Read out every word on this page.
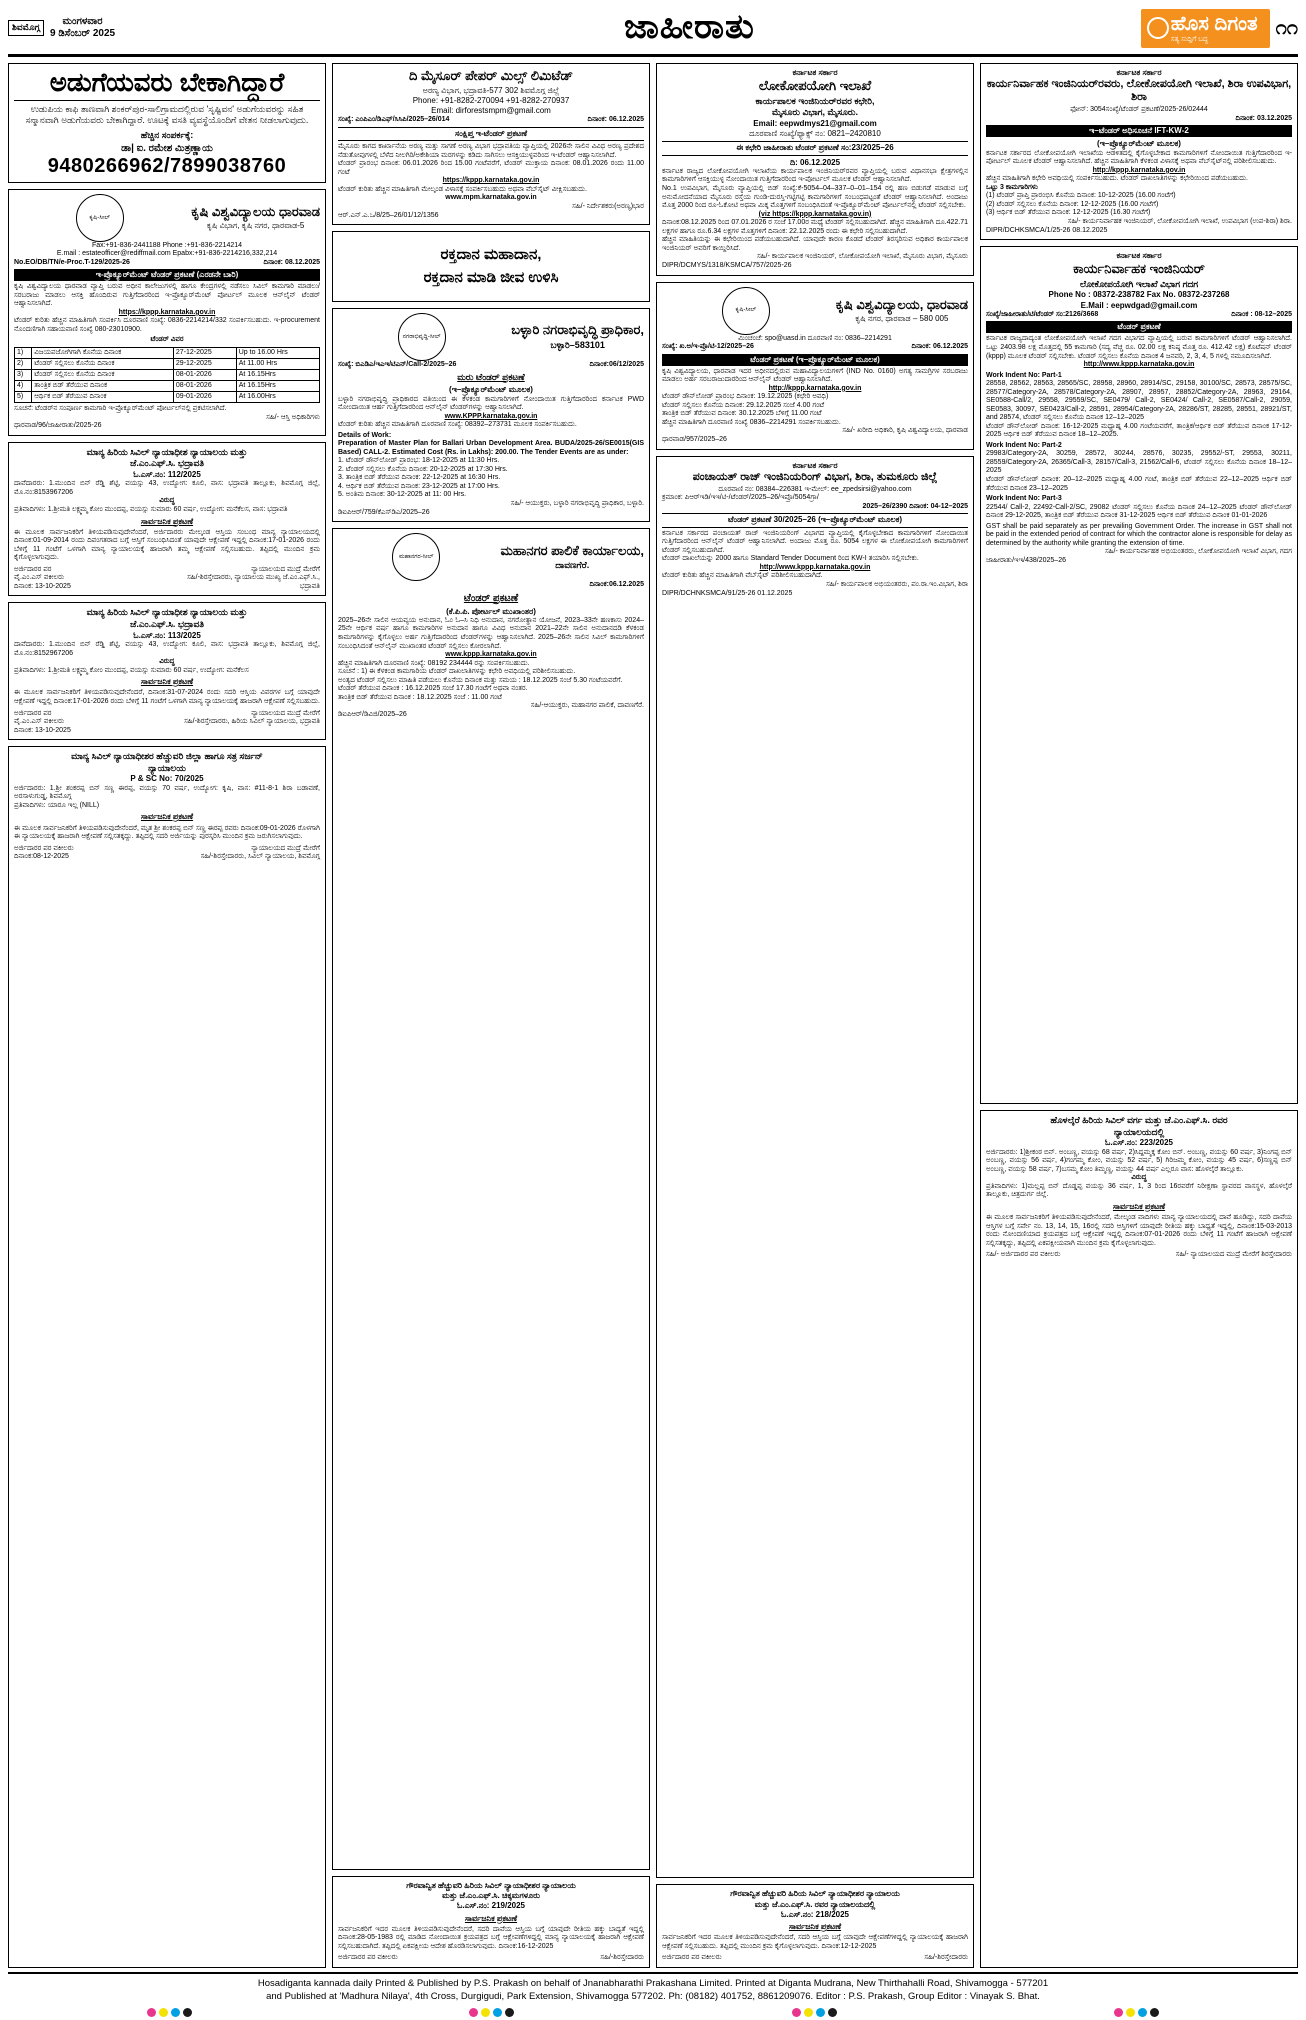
ಶಿವಮೊಗ್ಗ
ಮಂಗಳವಾರ
9 ಡಿಸೆಂಬರ್ 2025	ಜಾಹೀರಾತು	ಹೊಸ ದಿಗಂತ
ಸತ್ಯ ಸುದ್ದಿಗೆ ಬದ್ಧ
೧೧
ಅಡುಗೆಯವರು ಬೇಕಾಗಿದ್ದಾರೆ
ಉಡುಪಿಯ ಕಾಫಿ ತಾಣವಾಗಿ ಶಂಕರ್‌ಪುರ-ಸಾಲಿಗ್ರಾಮದಲ್ಲಿರುವ 'ಸೃಷ್ಟಿವನ' ಅಡುಗೆಯವರನ್ನು ಸಹಿತ ಸನ್ಮಾನವಾಗಿ ಅಡುಗೆಯವರು ಬೇಕಾಗಿದ್ದಾರೆ. ಊಟಕ್ಕೆ ವಸತಿ ವ್ಯವಸ್ಥೆಯೊಂದಿಗೆ ವೇತನ ನೀಡಲಾಗುವುದು.
ಹೆಚ್ಚಿನ ಸಂಪರ್ಕಕ್ಕೆ:
ಡಾ| ಐ. ರಮೇಶ ಮಿತ್ರಣ್ಣಾಯ
9480266962/7899038760
ಕೃಷಿ-ಸೀಲ್	ಕೃಷಿ ವಿಶ್ವವಿದ್ಯಾಲಯ ಧಾರವಾಡ
ಕೃಷಿ ವಿಭಾಗ, ಕೃಷಿ ನಗರ, ಧಾರವಾಡ-5
Fax:+91-836-2441188 Phone :+91-836-2214214
E.mail : estateofficer@rediffmail.com Epabx:+91-836-2214216,332,214
No.EO/DB/TN/e-Proc.T-129/2025-26	ದಿನಾಂಕ: 08.12.2025
ಇ-ಪ್ರೊಕ್ಯೂರ್‌ಮೆಂಟ್ ಟೆಂಡರ್ ಪ್ರಕಟಣೆ (ಎರಡನೇ ಬಾರಿ)
ಕೃಷಿ ವಿಶ್ವವಿದ್ಯಾಲಯ ಧಾರವಾಡ ವ್ಯಾಪ್ತಿ ಬರುವ ಅಧೀನ ಕಾಲೇಜುಗಳಲ್ಲಿ ಹಾಗೂ ಕೇಂದ್ರಗಳಲ್ಲಿ ನಡೆಸಲು ಸಿವಿಲ್ ಕಾಮಗಾರಿ ಮಾಡಲು/ ಸರಬರಾಜು ಮಾಡಲು ಆಸಕ್ತಿ ಹೊಂದಿರುವ ಗುತ್ತಿಗೆದಾರರಿಂದ ಇ-ಪ್ರೊಕ್ಯೂರ್‌ಮೆಂಟ್ ಪೋರ್ಟಲ್ ಮೂಲಕ ಆನ್‌ಲೈನ್ ಟೆಂಡರ್ ಆಹ್ವಾನಿಸಲಾಗಿದೆ.
https://kppp.karnataka.gov.in
ಟೆಂಡರ್ ಕುರಿತು ಹೆಚ್ಚಿನ ಮಾಹಿತಿಗಾಗಿ ಸಂಪರ್ಕಿಸಿ ದೂರವಾಣಿ ಸಂಖ್ಯೆ: 0836-2214214/332 ಸಂಪರ್ಕಿಸಬಹುದು. ಇ-procurement ನೊಂದಣಿಗಾಗಿ ಸಹಾಯವಾಣಿ ಸಂಖ್ಯೆ 080-23010900.
ಟೆಂಡರ್ ವಿವರ
1)	ವಿಜಯಪಜೋಗಿಗಾಗಿ ಕೊನೆಯ ದಿನಾಂಕ	27-12-2025	Up to 16.00 Hrs
2)	ಟೆಂಡರ್ ಸಲ್ಲಿಸಲು ಕೊನೆಯ ದಿನಾಂಕ	29-12-2025	At 11.00 Hrs
3)	ಟೆಂಡರ್ ಸಲ್ಲಿಸಲು ಕೊನೆಯ ದಿನಾಂಕ	08-01-2026	At 16.15Hrs
4)	ತಾಂತ್ರಿಕ ಬಿಡ್ ತೆರೆಯುವ ದಿನಾಂಕ	08-01-2026	At 16.15Hrs
5)	ಆರ್ಥಿಕ ಬಿಡ್ ತೆರೆಯುವ ದಿನಾಂಕ	09-01-2026	At 16.00Hrs
ಸೂಚನೆ: ಟೆಂಡರ್‌ನ ಸಂಪೂರ್ಣ ಕಾಮಗಾರಿ ಇ-ಪ್ರೊಕ್ಯೂರ್‌ಮೆಂಟ್ ಪೋರ್ಟಲ್‌ನಲ್ಲಿ ಪ್ರಕಟಿಸಲಾಗಿದೆ.
ಸಹಿ/- ಆಸ್ತಿ ಅಧಿಕಾರಿಗಳು
ಧಾರವಾಡ/96/ಜಾಹೀರಾತು/2025-26
ಮಾನ್ಯ ಹಿರಿಯ ಸಿವಿಲ್ ನ್ಯಾಯಾಧೀಶ ನ್ಯಾಯಾಲಯ ಮತ್ತು
ಜೆ.ಎಂ.ಎಫ್.ಸಿ. ಭದ್ರಾವತಿ
ಓ.ಎಸ್.ನಂ: 112/2025
ದಾವೆದಾರರು: 1.ಮುಂದಿನ ಬಿನ್ ರೆಡ್ಡಿ ಶೆಟ್ಟಿ, ವಯಸ್ಸು 43, ಉದ್ಯೋಗ: ಕೂಲಿ, ವಾಸ: ಭದ್ರಾವತಿ ತಾಲ್ಲೂಕು, ಶಿವಮೊಗ್ಗ ಜಿಲ್ಲೆ, ಮೊ.ನಂ:8153967206
ವಿರುದ್ಧ
ಪ್ರತಿವಾದಿಗಳು: 1.ಶ್ರೀಮತಿ ಲಕ್ಷ್ಮಮ್ಮ ಕೋಂ ಮುಂದಪ್ಪ, ವಯಸ್ಸು ಸುಮಾರು 60 ವರ್ಷ, ಉದ್ಯೋಗ: ಮನೆಕೆಲಸ, ವಾಸ: ಭದ್ರಾವತಿ
ಸಾರ್ವಜನಿಕ ಪ್ರಕಟಣೆ
ಈ ಮೂಲಕ ಸಾರ್ವಜನಿಕರಿಗೆ ತಿಳಿಯಪಡಿಸುವುದೇನೆಂದರೆ, ಅರ್ಜಿದಾರರು ಮೇಲ್ಕಂಡ ಆಸ್ತಿಯ ಸಂಬಂಧ ಮಾನ್ಯ ನ್ಯಾಯಾಲಯದಲ್ಲಿ ದಿನಾಂಕ:01-09-2014 ರಂದು ದಿವಂಗತರಾದ ಬಗ್ಗೆ ಆಸ್ತಿಗೆ ಸಂಬಂಧಿಸಿದಂತೆ ಯಾವುದೇ ಆಕ್ಷೇಪಣೆ ಇದ್ದಲ್ಲಿ ದಿನಾಂಕ:17-01-2026 ರಂದು ಬೆಳಿಗ್ಗೆ 11 ಗಂಟೆಗೆ ಒಳಗಾಗಿ ಮಾನ್ಯ ನ್ಯಾಯಾಲಯಕ್ಕೆ ಹಾಜರಾಗಿ ತಮ್ಮ ಆಕ್ಷೇಪಣೆ ಸಲ್ಲಿಸಬಹುದು. ತಪ್ಪಿದಲ್ಲಿ ಮುಂದಿನ ಕ್ರಮ ಕೈಗೊಳ್ಳಲಾಗುವುದು.
ಅರ್ಜಿದಾರರ ಪರ
ವೈ.ಎಂ.ಎಸ್ ವಕೀಲರು
ದಿನಾಂಕ: 13-10-2025
ನ್ಯಾಯಾಲಯದ ಮುದ್ರೆ ಮೇರೆಗೆ
ಸಹಿ/-ಶಿರಸ್ತೇದಾರರು, ನ್ಯಾಯಾಲಯ ಮುಖ್ಯ ಜೆ.ಎಂ.ಎಫ್.ಸಿ., ಭದ್ರಾವತಿ
ಮಾನ್ಯ ಹಿರಿಯ ಸಿವಿಲ್ ನ್ಯಾಯಾಧೀಶ ನ್ಯಾಯಾಲಯ ಮತ್ತು
ಜೆ.ಎಂ.ಎಫ್.ಸಿ. ಭದ್ರಾವತಿ
ಓ.ಎಸ್.ನಂ: 113/2025
ದಾವೆದಾರರು: 1.ಮುಂದಿನ ಬಿನ್ ರೆಡ್ಡಿ ಶೆಟ್ಟಿ, ವಯಸ್ಸು 43, ಉದ್ಯೋಗ: ಕೂಲಿ, ವಾಸ: ಭದ್ರಾವತಿ ತಾಲ್ಲೂಕು, ಶಿವಮೊಗ್ಗ ಜಿಲ್ಲೆ, ಮೊ.ನಂ:8152967206
ವಿರುದ್ಧ
ಪ್ರತಿವಾದಿಗಳು: 1.ಶ್ರೀಮತಿ ಲಕ್ಷ್ಮಮ್ಮ ಕೋಂ ಮುಂದಪ್ಪ, ವಯಸ್ಸು ಸುಮಾರು 60 ವರ್ಷ, ಉದ್ಯೋಗ: ಮನೆಕೆಲಸ
ಸಾರ್ವಜನಿಕ ಪ್ರಕಟಣೆ
ಈ ಮೂಲಕ ಸಾರ್ವಜನಿಕರಿಗೆ ತಿಳಿಯಪಡಿಸುವುದೇನೆಂದರೆ, ದಿನಾಂಕ:31-07-2024 ರಂದು ಸದರಿ ಆಸ್ತಿಯ ವಿವರಗಳ ಬಗ್ಗೆ ಯಾವುದೇ ಆಕ್ಷೇಪಣೆ ಇದ್ದಲ್ಲಿ ದಿನಾಂಕ:17-01-2026 ರಂದು ಬೆಳಿಗ್ಗೆ 11 ಗಂಟೆಗೆ ಒಳಗಾಗಿ ಮಾನ್ಯ ನ್ಯಾಯಾಲಯಕ್ಕೆ ಹಾಜರಾಗಿ ಆಕ್ಷೇಪಣೆ ಸಲ್ಲಿಸಬಹುದು.
ಅರ್ಜಿದಾರರ ಪರ
ವೈ.ಎಂ.ಎಸ್ ವಕೀಲರು
ದಿನಾಂಕ: 13-10-2025
ನ್ಯಾಯಾಲಯದ ಮುದ್ರೆ ಮೇರೆಗೆ
ಸಹಿ/-ಶಿರಸ್ತೇದಾರರು, ಹಿರಿಯ ಸಿವಿಲ್ ನ್ಯಾಯಾಲಯ, ಭದ್ರಾವತಿ
ಮಾನ್ಯ ಸಿವಿಲ್ ನ್ಯಾಯಾಧೀಶರ ಹೆಚ್ಚುವರಿ ಜಿಲ್ಲಾ ಹಾಗೂ ಸತ್ರ ಸರ್ಜನ್
ನ್ಯಾಯಾಲಯ
P & SC No: 70/2025
ಅರ್ಜಿದಾರರು: 1.ಶ್ರೀ ಶಂಕರಪ್ಪ ಬಿನ್ ಸಣ್ಣ ಈರಪ್ಪ, ವಯಸ್ಸು 70 ವರ್ಷ, ಉದ್ಯೋಗ: ಕೃಷಿ, ವಾಸ: #11-8-1 ಶಿರಾ ಬಡಾವಣೆ, ಅರಸಾಳುಗುಡ್ಡ, ಶಿವಮೊಗ್ಗ
ಪ್ರತಿವಾದಿಗಳು: ಯಾರೂ ಇಲ್ಲ (NILL)
ಸಾರ್ವಜನಿಕ ಪ್ರಕಟಣೆ
ಈ ಮೂಲಕ ಸಾರ್ವಜನಿಕರಿಗೆ ತಿಳಿಯಪಡಿಸುವುದೇನೆಂದರೆ, ಮೃತ ಶ್ರೀ ಶಂಕರಪ್ಪ ಬಿನ್ ಸಣ್ಣ ಈರಪ್ಪ ರವರು ದಿನಾಂಕ:09-01-2026 ರೊಳಗಾಗಿ ಈ ನ್ಯಾಯಾಲಯಕ್ಕೆ ಹಾಜರಾಗಿ ಆಕ್ಷೇಪಣೆ ಸಲ್ಲಿಸತಕ್ಕದ್ದು. ತಪ್ಪಿದಲ್ಲಿ ಸದರಿ ಅರ್ಜಿಯನ್ನು ಪುರಸ್ಕರಿಸಿ ಮುಂದಿನ ಕ್ರಮ ಜರುಗಿಸಲಾಗುವುದು.
ಅರ್ಜಿದಾರರ ಪರ ವಕೀಲರು
ದಿನಾಂಕ:08-12-2025
ನ್ಯಾಯಾಲಯದ ಮುದ್ರೆ ಮೇರೆಗೆ
ಸಹಿ/-ಶಿರಸ್ತೇದಾರರು, ಸಿವಿಲ್ ನ್ಯಾಯಾಲಯ, ಶಿವಮೊಗ್ಗ
ದಿ ಮೈಸೂರ್ ಪೇಪರ್ ಮಿಲ್ಸ್ ಲಿಮಿಟೆಡ್
ಅರಣ್ಯ ವಿಭಾಗ, ಭದ್ರಾವತಿ-577 302 ಶಿವಮೊಗ್ಗ ಜಿಲ್ಲೆ
Phone: +91-8282-270094 +91-8282-270937
Email: dirforestsmpm@gmail.com
ಸಂಖ್ಯೆ: ಎಂಪಿಎಂ/ಡಿಎಫ್/ಸಿಸಿಪಿ/2025–26/014	ದಿನಾಂಕ: 06.12.2025
ಸಂಕ್ಷಿಪ್ತ ಇ-ಟೆಂಡರ್ ಪ್ರಕಟಣೆ
ಮೈಸೂರು ಕಾಗದ ಕಾರ್ಖಾನೆಯ ಅರಣ್ಯ ಮತ್ತು ಸಾಗಣೆ ಅರಣ್ಯ ವಿಭಾಗ ಭದ್ರಾವತಿಯ ವ್ಯಾಪ್ತಿಯಲ್ಲಿ 2026ನೇ ಸಾಲಿನ ವಿವಿಧ ಅರಣ್ಯ ಪ್ರದೇಶದ ನೆಡುತೋಪುಗಳಲ್ಲಿ ಬೆಳೆದ ನೀಲಗಿರಿ/ಅಕೇಶಿಯಾ ಮರಗಳನ್ನು ಕಡಿದು ಸಾಗಿಸಲು ಆಸಕ್ತಿಯುಳ್ಳವರಿಂದ ಇ-ಟೆಂಡರ್ ಆಹ್ವಾನಿಸಲಾಗಿದೆ.
ಟೆಂಡರ್ ಪ್ರಾರಂಭ ದಿನಾಂಕ: 06.01.2026 ರಿಂದ 15.00 ಗಂಟೆವರೆಗೆ, ಟೆಂಡರ್ ಮುಕ್ತಾಯ ದಿನಾಂಕ: 08.01.2026 ರಂದು 11.00 ಗಂಟೆ
https://kppp.karnataka.gov.in
ಟೆಂಡರ್ ಕುರಿತು ಹೆಚ್ಚಿನ ಮಾಹಿತಿಗಾಗಿ ಮೇಲ್ಕಂಡ ವಿಳಾಸಕ್ಕೆ ಸಂಪರ್ಕಿಸಬಹುದು ಅಥವಾ ವೆಬ್‌ಸೈಟ್ ವೀಕ್ಷಿಸಬಹುದು.
www.mpm.karnataka.gov.in
ಸಹಿ/- ನಿರ್ದೇಶಕರು(ಅರಣ್ಯ)ಭಾರ
ಆರ್.ಎನ್.ಎ.ಒ/8/25–26/01/12/1356
ರಕ್ತದಾನ ಮಹಾದಾನ,
ರಕ್ತದಾನ ಮಾಡಿ ಜೀವ ಉಳಿಸಿ
ನಗರಾಭಿವೃದ್ಧಿ-ಸೀಲ್	ಬಳ್ಳಾರಿ ನಗರಾಭಿವೃದ್ಧಿ ಪ್ರಾಧಿಕಾರ,
ಬಳ್ಳಾರಿ–583101
ಸಂಖ್ಯೆ: ಬಿಎಡಿಎ/ಇಎಇ/ಟಿಎನ್/Call-2/2025–26	ದಿನಾಂಕ:06/12/2025
ಮರು ಟೆಂಡರ್ ಪ್ರಕಟಣೆ
(ಇ–ಪ್ರೊಕ್ಯೂರ್‌ಮೆಂಟ್ ಮೂಲಕ)
ಬಳ್ಳಾರಿ ನಗರಾಭಿವೃದ್ಧಿ ಪ್ರಾಧಿಕಾರದ ವತಿಯಿಂದ ಈ ಕೆಳಕಂಡ ಕಾಮಗಾರಿಗಳಿಗೆ ನೋಂದಾಯಿತ ಗುತ್ತಿಗೆದಾರರಿಂದ ಕರ್ನಾಟಕ PWD ನೋಂದಾಯಿತ ಆರ್ಹ ಗುತ್ತಿಗೆದಾರರಿಂದ ಆನ್‌ಲೈನ್ ಟೆಂಡರ್‌ಗಳನ್ನು ಆಹ್ವಾನಿಸಲಾಗಿದೆ.
www.KPPP.karnataka.gov.in
ಟೆಂಡರ್ ಕುರಿತು ಹೆಚ್ಚಿನ ಮಾಹಿತಿಗಾಗಿ ದೂರವಾಣಿ ಸಂಖ್ಯೆ: 08392–273731 ಮೂಲಕ ಸಂಪರ್ಕಿಸಬಹುದು.
Details of Work:
Preparation of Master Plan for Ballari Urban Development Area. BUDA/2025-26/SE0015(GIS Based) CALL-2. Estimated Cost (Rs. in Lakhs): 200.00. The Tender Events are as under:
1. ಟೆಂಡರ್ ಡೌನ್‌ಲೋಡ್ ಪ್ರಾರಂಭ: 18-12-2025 at 11:30 Hrs.
2. ಟೆಂಡರ್ ಸಲ್ಲಿಸಲು ಕೊನೆಯ ದಿನಾಂಕ: 20-12-2025 at 17:30 Hrs.
3. ತಾಂತ್ರಿಕ ಬಿಡ್ ತೆರೆಯುವ ದಿನಾಂಕ: 22-12-2025 at 16:30 Hrs.
4. ಆರ್ಥಿಕ ಬಿಡ್ ತೆರೆಯುವ ದಿನಾಂಕ: 23-12-2025 at 17:00 Hrs.
5. ಅಂತಿಮ ದಿನಾಂಕ: 30-12-2025 at 11: 00 Hrs.
ಸಹಿ/- ಆಯುಕ್ತರು, ಬಳ್ಳಾರಿ ನಗರಾಭಿವೃದ್ಧಿ ಪ್ರಾಧಿಕಾರ, ಬಳ್ಳಾರಿ.
ಡಿಐಪಿಆರ್/759/ಕೆಎಸ್‌ಡಿಎ/2025–26
ಮಹಾನಗರ-ಸೀಲ್	ಮಹಾನಗರ ಪಾಲಿಕೆ ಕಾರ್ಯಾಲಯ,
ದಾವಣಗೆರೆ.
ದಿನಾಂಕ:06.12.2025
ಟೆಂಡರ್ ಪ್ರಕಟಣೆ
(ಕೆ.ಪಿ.ಪಿ. ಪೋರ್ಟಲ್ ಮುಖಾಂತರ)
2025–26ನೇ ಸಾಲಿನ ಆಯವ್ಯಯ ಅನುದಾನ, ಓಂ ಓ–ಸಿ ನಿಧಿ ಅನುದಾನ, ನಗರೋತ್ಥಾನ ಯೋಜನೆ, 2023–33ನೇ ಹಣಕಾಸು 2024–25ನೇ ಆರ್ಥಿಕ ವರ್ಷ ಹಾಗೂ ಕಾಮಗಾರಿಗಳ ಅನುದಾನ ಹಾಗೂ ವಿವಿಧ ಅನುದಾನ 2021–22ನೇ ಸಾಲಿನ ಅನುದಾನದಡಿ ಕೆಳಕಂಡ ಕಾಮಗಾರಿಗಳನ್ನು ಕೈಗೊಳ್ಳಲು ಅರ್ಹ ಗುತ್ತಿಗೆದಾರರಿಂದ ಟೆಂಡರ್‌ಗಳನ್ನು ಆಹ್ವಾನಿಸಲಾಗಿದೆ. 2025–26ನೇ ಸಾಲಿನ ಸಿವಿಲ್ ಕಾಮಗಾರಿಗಳಿಗೆ ಸಂಬಂಧಿಸಿದಂತೆ ಆನ್‌ಲೈನ್ ಮುಖಾಂತರ ಟೆಂಡರ್ ಸಲ್ಲಿಸಲು ಕೋರಲಾಗಿದೆ.
www.kppp.karnataka.gov.in
ಹೆಚ್ಚಿನ ಮಾಹಿತಿಗಾಗಿ ದೂರವಾಣಿ ಸಂಖ್ಯೆ: 08192 234444 ರನ್ನು ಸಂಪರ್ಕಿಸಬಹುದು.
ಸೂಚನೆ : 1) ಈ ಕೆಳಕಂಡ ಕಾಮಗಾರಿಯ ಟೆಂಡರ್ ದಾಖಲಾತಿಗಳನ್ನು ಕಛೇರಿ ಅವಧಿಯಲ್ಲಿ ಪರಿಶೀಲಿಸಬಹುದು.
ಅಂತ್ಯದ ಟೆಂಡರ್ ಸಲ್ಲಿಸಲು ಮಾಹಿತಿ ಪಡೆಯಲು ಕೊನೆಯ ದಿನಾಂಕ ಮತ್ತು ಸಮಯ : 18.12.2025 ಸಂಜೆ 5.30 ಗಂಟೆಯವರೆಗೆ.
ಟೆಂಡರ್ ತೆರೆಯುವ ದಿನಾಂಕ : 16.12.2025 ಸಂಜೆ 17.30 ಗಂಟೆಗೆ ಅಥವಾ ನಂತರ.
ತಾಂತ್ರಿಕ ಬಿಡ್ ತೆರೆಯುವ ದಿನಾಂಕ : 18.12.2025 ಸಂಜೆ : 11.00 ಗಂಟೆ
ಸಹಿ/-ಆಯುಕ್ತರು, ಮಹಾನಗರ ಪಾಲಿಕೆ, ದಾವಣಗೆರೆ.
ಡಿಐಪಿಆರ್/ಡಿವಿಜಿ/2025–26
ಗೌರವಾನ್ವಿತ ಹೆಚ್ಚುವರಿ ಹಿರಿಯ ಸಿವಿಲ್ ನ್ಯಾಯಾಧೀಶರ ನ್ಯಾಯಾಲಯ
ಮತ್ತು ಜೆ.ಎಂ.ಎಫ್.ಸಿ. ಚಿಕ್ಕಮಗಳೂರು
ಓ.ಎಸ್.ನಂ: 219/2025
ಸಾರ್ವಜನಿಕ ಪ್ರಕಟಣೆ
ಸಾರ್ವಜನಿಕರಿಗೆ ಇದರ ಮೂಲಕ ತಿಳಿಯಪಡಿಸುವುದೇನೆಂದರೆ, ಸದರಿ ದಾವೆಯ ಆಸ್ತಿಯ ಬಗ್ಗೆ ಯಾವುದೇ ರೀತಿಯ ಹಕ್ಕು ಬಾಧ್ಯತೆ ಇದ್ದಲ್ಲಿ ದಿನಾಂಕ:28-05-1983 ರಲ್ಲಿ ಮಾಡಿದ ನೋಂದಾಯಿತ ಕ್ರಯಪತ್ರದ ಬಗ್ಗೆ ಆಕ್ಷೇಪಣೆಗಳಿದ್ದಲ್ಲಿ ಮಾನ್ಯ ನ್ಯಾಯಾಲಯಕ್ಕೆ ಹಾಜರಾಗಿ ಆಕ್ಷೇಪಣೆ ಸಲ್ಲಿಸಬಹುದಾಗಿದೆ. ತಪ್ಪಿದಲ್ಲಿ ಏಕಪಕ್ಷೀಯ ಆದೇಶ ಹೊರಡಿಸಲಾಗುವುದು. ದಿನಾಂಕ:16-12-2025
ಅರ್ಜಿದಾರರ ಪರ ವಕೀಲರು	ಸಹಿ/-ಶಿರಸ್ತೇದಾರರು
ಕರ್ನಾಟಕ ಸರ್ಕಾರ
ಲೋಕೋಪಯೋಗಿ ಇಲಾಖೆ
ಕಾರ್ಯಪಾಲಕ ಇಂಜಿನಿಯರ್‌ರವರ ಕಛೇರಿ,
ಮೈಸೂರು ವಿಭಾಗ, ಮೈಸೂರು.
Email: eepwdmys21@gmail.com
ದೂರವಾಣಿ ಸಂಖ್ಯೆ/ಫ್ಯಾಕ್ಸ್ ನಂ: 0821–2420810
ಈ ಕಛೇರಿ ಜಾಹೀರಾತು ಟೆಂಡರ್ ಪ್ರಕಟಣೆ ಸಂ:23/2025–26
ದಿ: 06.12.2025
ಕರ್ನಾಟಕ ರಾಜ್ಯದ ಲೋಕೋಪಯೋಗಿ ಇಲಾಖೆಯ ಕಾರ್ಯಪಾಲಕ ಇಂಜಿನಿಯರ್‌ರವರ ವ್ಯಾಪ್ತಿಯಲ್ಲಿ ಬರುವ ವಿಧಾನಸಭಾ ಕ್ಷೇತ್ರಗಳಲ್ಲಿನ ಕಾಮಗಾರಿಗಳಿಗೆ ಆಸಕ್ತಿಯುಳ್ಳ ನೋಂದಾಯಿತ ಗುತ್ತಿಗೆದಾರರಿಂದ ಇ-ಪೋರ್ಟಲ್ ಮೂಲಕ ಟೆಂಡರ್ ಆಹ್ವಾನಿಸಲಾಗಿದೆ.
No.1 ಉಪವಿಭಾಗ, ಮೈಸೂರು ವ್ಯಾಪ್ತಿಯಲ್ಲಿ ಬಿಡ್ ಸಂಖ್ಯೆ:ಕೆ-5054–04–337–0–01–154 ರಲ್ಲಿ ಹಣ ಬಿಡುಗಡೆ ಮಾಡುವ ಬಗ್ಗೆ ಅನುಮೋದನೆಯಾದ ಮೈಸೂರು ರಸ್ತೆಯ ಗುಂಡಿ-ದುರಸ್ತಿ-ಗಟ್ಟಿಗಟ್ಟಿ ಕಾಮಗಾರಿಗಳಿಗೆ ಸಂಬಂಧಪಟ್ಟಂತೆ ಟೆಂಡರ್ ಆಹ್ವಾನಿಸಲಾಗಿದೆ. ಅಂದಾಜು ಮೊತ್ತ 2000 ರಿಂದ ರೂ-ಓಕೋಟಿ ಅಥವಾ ಮಿಕ್ಕ ಮೊತ್ತಗಳಿಗೆ ಸಂಬಂಧಿಸಿದಂತೆ ಇ-ಪ್ರೊಕ್ಯೂರ್‌ಮೆಂಟ್ ಪೋರ್ಟಲ್‌ನಲ್ಲಿ ಟೆಂಡರ್ ಸಲ್ಲಿಸಬೇಕು.
(viz https://kppp.karnataka.gov.in)
ದಿನಾಂಕ:08.12.2025 ರಿಂದ 07.01.2026 ರ ಸಂಜೆ 17.00ರ ಮಧ್ಯೆ ಟೆಂಡರ್ ಸಲ್ಲಿಸಬಹುದಾಗಿದೆ. ಹೆಚ್ಚಿನ ಮಾಹಿತಿಗಾಗಿ ದೂ.422.71 ಲಕ್ಷಗಳ ಹಾಗೂ ರೂ.6.34 ಲಕ್ಷಗಳ ಮೊತ್ತಗಳಿಗೆ ದಿನಾಂಕ: 22.12.2025 ರಂದು ಈ ಕಛೇರಿ ಸಲ್ಲಿಸಬಹುದಾಗಿದೆ.
ಹೆಚ್ಚಿನ ಮಾಹಿತಿಯನ್ನು ಈ ಕಛೇರಿಯಿಂದ ಪಡೆಯಬಹುದಾಗಿದೆ. ಯಾವುದೇ ಕಾರಣ ಕೊಡದೆ ಟೆಂಡರ್ ತಿರಸ್ಕರಿಸುವ ಅಧಿಕಾರ ಕಾರ್ಯಪಾಲಕ ಇಂಜಿನಿಯರ್ ಅವರಿಗೆ ಕಾಯ್ದಿರಿಸಿದೆ.
ಸಹಿ/- ಕಾರ್ಯಪಾಲಕ ಇಂಜಿನಿಯರ್, ಲೋಕೋಪಯೋಗಿ ಇಲಾಖೆ, ಮೈಸೂರು ವಿಭಾಗ, ಮೈಸೂರು
DIPR/DCMYS/1318/KSMCA/757/2025-26
ಕೃಷಿ-ಸೀಲ್	ಕೃಷಿ ವಿಶ್ವವಿದ್ಯಾಲಯ, ಧಾರವಾಡ
ಕೃಷಿ ನಗರ, ಧಾರವಾಡ – 580 005
ಮಿಂಚಂಚೆ: spo@uasd.in ದೂರವಾಣಿ ನಂ: 0836–2214291
ಸಂಖ್ಯೆ: ಖ.ಅ/ಇ-ಪ್ರೊ/ಟಿ-12/2025–26	ದಿನಾಂಕ: 06.12.2025
ಟೆಂಡರ್ ಪ್ರಕಟಣೆ (ಇ–ಪ್ರೊಕ್ಯೂರ್‌ಮೆಂಟ್ ಮೂಲಕ)
ಕೃಷಿ ವಿಶ್ವವಿದ್ಯಾಲಯ, ಧಾರವಾಡ ಇದರ ಅಧೀನದಲ್ಲಿರುವ ಮಹಾವಿದ್ಯಾಲಯಗಳಿಗೆ (IND No. 0160) ಅಗತ್ಯ ಸಾಮಗ್ರಿಗಳ ಸರಬರಾಜು ಮಾಡಲು ಅರ್ಹ ಸರಬರಾಜುದಾರರಿಂದ ಆನ್‌ಲೈನ್ ಟೆಂಡರ್ ಆಹ್ವಾನಿಸಲಾಗಿದೆ.
http://kppp.karnataka.gov.in
ಟೆಂಡರ್ ಡೌನ್‌ಲೋಡ್ ಪ್ರಾರಂಭ ದಿನಾಂಕ: 19.12.2025 (ಕಛೇರಿ ಅವಧಿ)
ಟೆಂಡರ್ ಸಲ್ಲಿಸಲು ಕೊನೆಯ ದಿನಾಂಕ: 29.12.2025 ಸಂಜೆ 4.00 ಗಂಟೆ
ತಾಂತ್ರಿಕ ಬಿಡ್ ತೆರೆಯುವ ದಿನಾಂಕ: 30.12.2025 ಬೆಳಿಗ್ಗೆ 11.00 ಗಂಟೆ
ಹೆಚ್ಚಿನ ಮಾಹಿತಿಗಾಗಿ ದೂರವಾಣಿ ಸಂಖ್ಯೆ 0836–2214291 ಸಂಪರ್ಕಿಸಬಹುದು.
ಸಹಿ/- ಖರೀದಿ ಅಧಿಕಾರಿ, ಕೃಷಿ ವಿಶ್ವವಿದ್ಯಾಲಯ, ಧಾರವಾಡ
ಧಾರವಾಡ/957/2025–26
ಕರ್ನಾಟಕ ಸರ್ಕಾರ
ಪಂಚಾಯತ್ ರಾಜ್ ಇಂಜಿನಿಯರಿಂಗ್ ವಿಭಾಗ, ಶಿರಾ, ತುಮಕೂರು ಜಿಲ್ಲೆ
ದೂರವಾಣಿ ನಂ: 08384–226381 ಇ-ಮೇಲ್: ee_zpedsirsi@yahoo.com
ಕ್ರಮಾಂಕ: ಪಿಆರ್‌ಇಡಿ/ಇಇ/ಟಿ-/ಟೆಂಡರ್/2025–26/ಇಪ್ರೊ/5054ಗ್ರಾ/
2025–26/2390 ದಿನಾಂಕ: 04-12–2025
ಟೆಂಡರ್ ಪ್ರಕಟಣೆ 30/2025–26 (ಇ–ಪ್ರೊಕ್ಯೂರ್‌ಮೆಂಟ್ ಮೂಲಕ)
ಕರ್ನಾಟಕ ಸರ್ಕಾರದ ಪಂಚಾಯತ್ ರಾಜ್ ಇಂಜಿನಿಯರಿಂಗ್ ವಿಭಾಗದ ವ್ಯಾಪ್ತಿಯಲ್ಲಿ ಕೈಗೊಳ್ಳಬೇಕಾದ ಕಾಮಗಾರಿಗಳಿಗೆ ನೋಂದಾಯಿತ ಗುತ್ತಿಗೆದಾರರಿಂದ ಆನ್‌ಲೈನ್ ಟೆಂಡರ್ ಆಹ್ವಾನಿಸಲಾಗಿದೆ. ಅಂದಾಜು ಮೊತ್ತ ರೂ. 5054 ಲಕ್ಷಗಳ ಈ ಲೋಕೋಪಯೋಗಿ ಕಾಮಗಾರಿಗಳಿಗೆ ಟೆಂಡರ್ ಸಲ್ಲಿಸಬಹುದಾಗಿದೆ.
ಟೆಂಡರ್ ದಾಖಲೆಯನ್ನು 2000 ಹಾಗೂ Standard Tender Document ರಿಂದ KW-I ತಯಾರಿಸಿ ಸಲ್ಲಿಸಬೇಕು.
http://www.kppp.karnataka.gov.in
ಟೆಂಡರ್ ಕುರಿತು ಹೆಚ್ಚಿನ ಮಾಹಿತಿಗಾಗಿ ವೆಬ್‌ಸೈಟ್ ಪರಿಶೀಲಿಸಬಹುದಾಗಿದೆ.
ಸಹಿ/- ಕಾರ್ಯಪಾಲಕ ಅಭಿಯಂತರರು, ಪಂ.ರಾ.ಇಂ.ವಿಭಾಗ, ಶಿರಾ
DIPR/DCHNKSMCA/91/25-26 01.12.2025
ಗೌರವಾನ್ವಿತ ಹೆಚ್ಚುವರಿ ಹಿರಿಯ ಸಿವಿಲ್ ನ್ಯಾಯಾಧೀಶರ ನ್ಯಾಯಾಲಯ
ಮತ್ತು ಜೆ.ಎಂ.ಎಫ್.ಸಿ. ರವರ ನ್ಯಾಯಾಲಯದಲ್ಲಿ
ಓ.ಎಸ್.ನಂ: 218/2025
ಸಾರ್ವಜನಿಕ ಪ್ರಕಟಣೆ
ಸಾರ್ವಜನಿಕರಿಗೆ ಇದರ ಮೂಲಕ ತಿಳಿಯಪಡಿಸುವುದೇನೆಂದರೆ, ಸದರಿ ಆಸ್ತಿಯ ಬಗ್ಗೆ ಯಾವುದೇ ಆಕ್ಷೇಪಣೆಗಳಿದ್ದಲ್ಲಿ ನ್ಯಾಯಾಲಯಕ್ಕೆ ಹಾಜರಾಗಿ ಆಕ್ಷೇಪಣೆ ಸಲ್ಲಿಸಬಹುದು. ತಪ್ಪಿದಲ್ಲಿ ಮುಂದಿನ ಕ್ರಮ ಕೈಗೊಳ್ಳಲಾಗುವುದು. ದಿನಾಂಕ:12-12-2025
ಅರ್ಜಿದಾರರ ಪರ ವಕೀಲರು	ಸಹಿ/-ಶಿರಸ್ತೇದಾರರು
ಕರ್ನಾಟಕ ಸರ್ಕಾರ
ಕಾರ್ಯನಿರ್ವಾಹಕ ಇಂಜಿನಿಯರ್‌ರವರು, ಲೋಕೋಪಯೋಗಿ ಇಲಾಖೆ, ಶಿರಾ ಉಪವಿಭಾಗ, ಶಿರಾ
ಫೋನ್: 3054ಸಂಖ್ಯೆ/ಟೆಂಡರ್ ಪ್ರಕಟಣೆ/2025-26/02444
ದಿನಾಂಕ: 03.12.2025
ಇ–ಟೆಂಡರ್ ಅಧಿಸೂಚನೆ IFT-KW-2
(ಇ–ಪ್ರೊಕ್ಯೂರ್‌ಮೆಂಟ್ ಮೂಲಕ)
ಕರ್ನಾಟಕ ಸರ್ಕಾರದ ಲೋಕೋಪಯೋಗಿ ಇಲಾಖೆಯ ಆಡಳಿತದಲ್ಲಿ ಕೈಗೊಳ್ಳಬೇಕಾದ ಕಾಮಗಾರಿಗಳಿಗೆ ನೋಂದಾಯಿತ ಗುತ್ತಿಗೆದಾರರಿಂದ ಇ-ಪೋರ್ಟಲ್ ಮೂಲಕ ಟೆಂಡರ್ ಆಹ್ವಾನಿಸಲಾಗಿದೆ. ಹೆಚ್ಚಿನ ಮಾಹಿತಿಗಾಗಿ ಕೆಳಕಂಡ ವಿಳಾಸಕ್ಕೆ ಅಥವಾ ವೆಬ್‌ಸೈಟ್‌ನಲ್ಲಿ ಪರಿಶೀಲಿಸಬಹುದು.
http://kppp.karnataka.gov.in
ಹೆಚ್ಚಿನ ಮಾಹಿತಿಗಾಗಿ ಕಛೇರಿ ಅವಧಿಯಲ್ಲಿ ಸಂಪರ್ಕಿಸಬಹುದು. ಟೆಂಡರ್ ದಾಖಲಾತಿಗಳನ್ನು ಕಛೇರಿಯಿಂದ ಪಡೆಯಬಹುದು.
ಒಟ್ಟು 3 ಕಾಮಗಾರಿಗಳು
(1) ಟೆಂಡರ್ ಪ್ರಾಪ್ತಿ ಪ್ರಾರಂಭಿಸಿ ಕೊನೆಯ ದಿನಾಂಕ: 10-12-2025 (16.00 ಗಂಟೆಗೆ)
(2) ಟೆಂಡರ್ ಸಲ್ಲಿಸಲು ಕೊನೆಯ ದಿನಾಂಕ: 12-12-2025 (16.00 ಗಂಟೆಗೆ)
(3) ಆರ್ಥಿಕ ಬಿಡ್ ತೆರೆಯುವ ದಿನಾಂಕ: 12-12-2025 (16.30 ಗಂಟೆಗೆ)
ಸಹಿ/- ಕಾರ್ಯನಿರ್ವಾಹಕ ಇಂಜಿನಿಯರ್, ಲೋಕೋಪಯೋಗಿ ಇಲಾಖೆ, ಉಪವಿಭಾಗ (ಉಪ-ಶಿರಾ) ಶಿರಾ.
DIPR/DCHKSMCA/1/25-26 08.12.2025
ಕರ್ನಾಟಕ ಸರ್ಕಾರ
ಕಾರ್ಯನಿರ್ವಾಹಕ ಇಂಜಿನಿಯರ್
ಲೋಕೋಪಯೋಗಿ ಇಲಾಖೆ ವಿಭಾಗ ಗದಗ
Phone No : 08372-238782 Fax No. 08372-237268
E.Mail : eepwdgad@gmail.com
ಸಂಖ್ಯೆ/ಜಾಹೀರಾತು/ಟಿ/ಟೆಂಡರ್ ಸಂ:2126/3668	ದಿನಾಂಕ : 08-12–2025
ಟೆಂಡರ್ ಪ್ರಕಟಣೆ
ಕರ್ನಾಟಕ ರಾಜ್ಯದಾದ್ಯಂತ ಲೋಕೋಪಯೋಗಿ ಇಲಾಖೆ ಗದಗ ವಿಭಾಗದ ವ್ಯಾಪ್ತಿಯಲ್ಲಿ ಬರುವ ಕಾಮಗಾರಿಗಳಿಗೆ ಟೆಂಡರ್ ಆಹ್ವಾನಿಸಲಾಗಿದೆ. ಒಟ್ಟು 2403.98 ಲಕ್ಷ ಮೊತ್ತದಲ್ಲಿ 55 ಕಾಮಗಾರಿ (ಸದ್ಯ ವೆಚ್ಚ ರೂ. 02.00 ಲಕ್ಷ ಕನಿಷ್ಠ ಮೊತ್ತ ರೂ. 412.42 ಲಕ್ಷ) ಕೊಟೆಷನ್ ಟೆಂಡರ್ (kppp) ಮೂಲಕ ಟೆಂಡರ್ ಸಲ್ಲಿಸಬೇಕು. ಟೆಂಡರ್ ಸಲ್ಲಿಸಲು ಕೊನೆಯ ದಿನಾಂಕ 4 ಜನವರಿ, 2, 3, 4, 5 ಗಳಲ್ಲಿ ನಮೂದಿಸಲಾಗಿದೆ.
http://www.kppp.karnataka.gov.in
Work Indent No: Part-1
28558, 28562, 28563, 28565/SC, 28958, 28960, 28914/SC, 29158, 30100/SC, 28573, 28575/SC, 28577/Category-2A, 28578/Category-2A, 28907, 28957, 28852/Category-2A, 28963, 29164, SE0588-Call/2, 29558, 29559/SC, SE0479/ Call-2, SE0424/ Call-2, SE0587/Call-2, 29059, SE0583, 30097, SE0423/Call-2, 28591, 28954/Category-2A, 28286/ST, 28285, 28551, 28921/ST, and 28574, ಟೆಂಡರ್ ಸಲ್ಲಿಸಲು ಕೊನೆಯ ದಿನಾಂಕ 12–12–2025
ಟೆಂಡರ್ ಡೌನ್‌ಲೋಡ್ ದಿನಾಂಕ: 16-12-2025 ಮಧ್ಯಾಹ್ನ 4.00 ಗಂಟೆಯವರೆಗೆ, ತಾಂತ್ರಿಕ/ಆರ್ಥಿಕ ಬಿಡ್ ತೆರೆಯುವ ದಿನಾಂಕ 17-12-2025 ಆರ್ಥಿಕ ಬಿಡ್ ತೆರೆಯುವ ದಿನಾಂಕ 18–12–2025.
Work Indent No: Part-2
29983/Category-2A, 30259, 28572, 30244, 28576, 30235, 29552/-ST, 29553, 30211, 28559/Category-2A, 26365/Call-3, 28157/Call-3, 21562/Call-6, ಟೆಂಡರ್ ಸಲ್ಲಿಸಲು ಕೊನೆಯ ದಿನಾಂಕ 18–12–2025
ಟೆಂಡರ್ ಡೌನ್‌ಲೋಡ್ ದಿನಾಂಕ: 20–12–2025 ಮಧ್ಯಾಹ್ನ 4.00 ಗಂಟೆ, ತಾಂತ್ರಿಕ ಬಿಡ್ ತೆರೆಯುವ 22–12–2025 ಆರ್ಥಿಕ ಬಿಡ್ ತೆರೆಯುವ ದಿನಾಂಕ 23–12–2025
Work Indent No: Part-3
22544/ Call-2, 22492-Call-2/SC, 29082 ಟೆಂಡರ್ ಸಲ್ಲಿಸಲು ಕೊನೆಯ ದಿನಾಂಕ 24–12–2025 ಟೆಂಡರ್ ಡೌನ್‌ಲೋಡ್ ದಿನಾಂಕ 29-12-2025, ತಾಂತ್ರಿಕ ಬಿಡ್ ತೆರೆಯುವ ದಿನಾಂಕ 31-12-2025 ಆರ್ಥಿಕ ಬಿಡ್ ತೆರೆಯುವ ದಿನಾಂಕ 01-01-2026
GST shall be paid separately as per prevailing Government Order. The increase in GST shall not be paid in the extended period of contract for which the contractor alone is responsible for delay as determined by the authority while granting the extension of time.
ಸಹಿ/- ಕಾರ್ಯನಿರ್ವಾಹಕ ಅಭಿಯಂತರರು, ಲೋಕೋಪಯೋಗಿ ಇಲಾಖೆ ವಿಭಾಗ, ಗದಗ
ಜಾಹೀರಾತು/ಇಇ/438/2025–26
ಹೊಳಲ್ಕೆರೆ ಹಿರಿಯ ಸಿವಿಲ್ ವರ್ಗ ಮತ್ತು ಜೆ.ಎಂ.ಎಫ್.ಸಿ. ರವರ
ನ್ಯಾಯಾಲಯದಲ್ಲಿ
ಓ.ಎಸ್.ನಂ: 223/2025
ಅರ್ಜಿದಾರರು: 1)ಶ್ರೀಕಂಠ ಬಿನ್. ಅಂಬಣ್ಣ, ವಯಸ್ಸು 68 ವರ್ಷ, 2)ಸಿದ್ದಮ್ಮಕ್ಕ ಕೋಂ ಬಿನ್. ಅಂಬಣ್ಣ, ವಯಸ್ಸು 60 ವರ್ಷ, 3)ನಿಂಗಪ್ಪ ಬಿನ್ ಅಂಬಣ್ಣ, ವಯಸ್ಸು 56 ವರ್ಷ, 4)ಗಂಗಮ್ಮ ಕೋಂ, ವಯಸ್ಸು 52 ವರ್ಷ, 5) ಗಿರಿಜಮ್ಮ ಕೋಂ, ವಯಸ್ಸು 45 ವರ್ಷ, 6)ಸಣ್ಣಪ್ಪ ಬಿನ್ ಅಂಬಣ್ಣ, ವಯಸ್ಸು 58 ವರ್ಷ, 7)ಬಸಮ್ಮ ಕೋಂ ತಿಮ್ಮಣ್ಣ, ವಯಸ್ಸು 44 ವರ್ಷ ಎಲ್ಲರೂ ವಾಸ: ಹೊಳಲ್ಕೆರೆ ತಾಲ್ಲೂಕು.
ವಿರುದ್ಧ
ಪ್ರತಿವಾದಿಗಳು: 1)ಮಲ್ಲಪ್ಪ ಬಿನ್ ದೊಡ್ಡಪ್ಪ ವಯಸ್ಸು 36 ವರ್ಷ, 1, 3 ರಿಂದ 16ರವರೆಗೆ ನಿರೀಕ್ಷಣಾ ಸ್ಥಾವರದ ವಾಸಸ್ಥಳ, ಹೊಳಲ್ಕೆರೆ ತಾಲ್ಲೂಕು, ಚಿತ್ರದುರ್ಗ ಜಿಲ್ಲೆ.
ಸಾರ್ವಜನಿಕ ಪ್ರಕಟಣೆ
ಈ ಮೂಲಕ ಸಾರ್ವಜನಿಕರಿಗೆ ತಿಳಿಯಪಡಿಸುವುದೇನೆಂದರೆ, ಮೇಲ್ಕಂಡ ವಾದಿಗಳು ಮಾನ್ಯ ನ್ಯಾಯಾಲಯದಲ್ಲಿ ದಾವೆ ಹೂಡಿದ್ದು, ಸದರಿ ದಾವೆಯ ಆಸ್ತಿಗಳ ಬಗ್ಗೆ ಸರ್ವೇ ನಂ. 13, 14, 15, 16ರಲ್ಲಿ ಸದರಿ ಆಸ್ತಿಗಳಿಗೆ ಯಾವುದೇ ರೀತಿಯ ಹಕ್ಕು ಬಾಧ್ಯತೆ ಇದ್ದಲ್ಲಿ, ದಿನಾಂಕ:15-03-2013 ರಂದು ನೋಂದಣಿಯಾದ ಕ್ರಯಪತ್ರದ ಬಗ್ಗೆ ಆಕ್ಷೇಪಣೆ ಇದ್ದಲ್ಲಿ ದಿನಾಂಕ:07-01-2026 ರಂದು ಬೆಳಿಗ್ಗೆ 11 ಗಂಟೆಗೆ ಹಾಜರಾಗಿ ಆಕ್ಷೇಪಣೆ ಸಲ್ಲಿಸತಕ್ಕದ್ದು, ತಪ್ಪಿದಲ್ಲಿ ಏಕಪಕ್ಷೀಯವಾಗಿ ಮುಂದಿನ ಕ್ರಮ ಕೈಗೊಳ್ಳಲಾಗುವುದು.
ಸಹಿ/- ಅರ್ಜಿದಾರರ ಪರ ವಕೀಲರು	ಸಹಿ/- ನ್ಯಾಯಾಲಯದ ಮುದ್ರೆ ಮೇರೆಗೆ ಶಿರಸ್ತೇದಾರರು
Hosadiganta kannada daily Printed & Published by P.S. Prakash on behalf of Jnanabharathi Prakashana Limited. Printed at Diganta Mudrana, New Thirthahalli Road, Shivamogga - 577201
and Published at 'Madhura Nilaya', 4th Cross, Durgigudi, Park Extension, Shivamogga 577202. Ph: (08182) 401752, 8861209076. Editor : P.S. Prakash, Group Editor : Vinayak S. Bhat.
